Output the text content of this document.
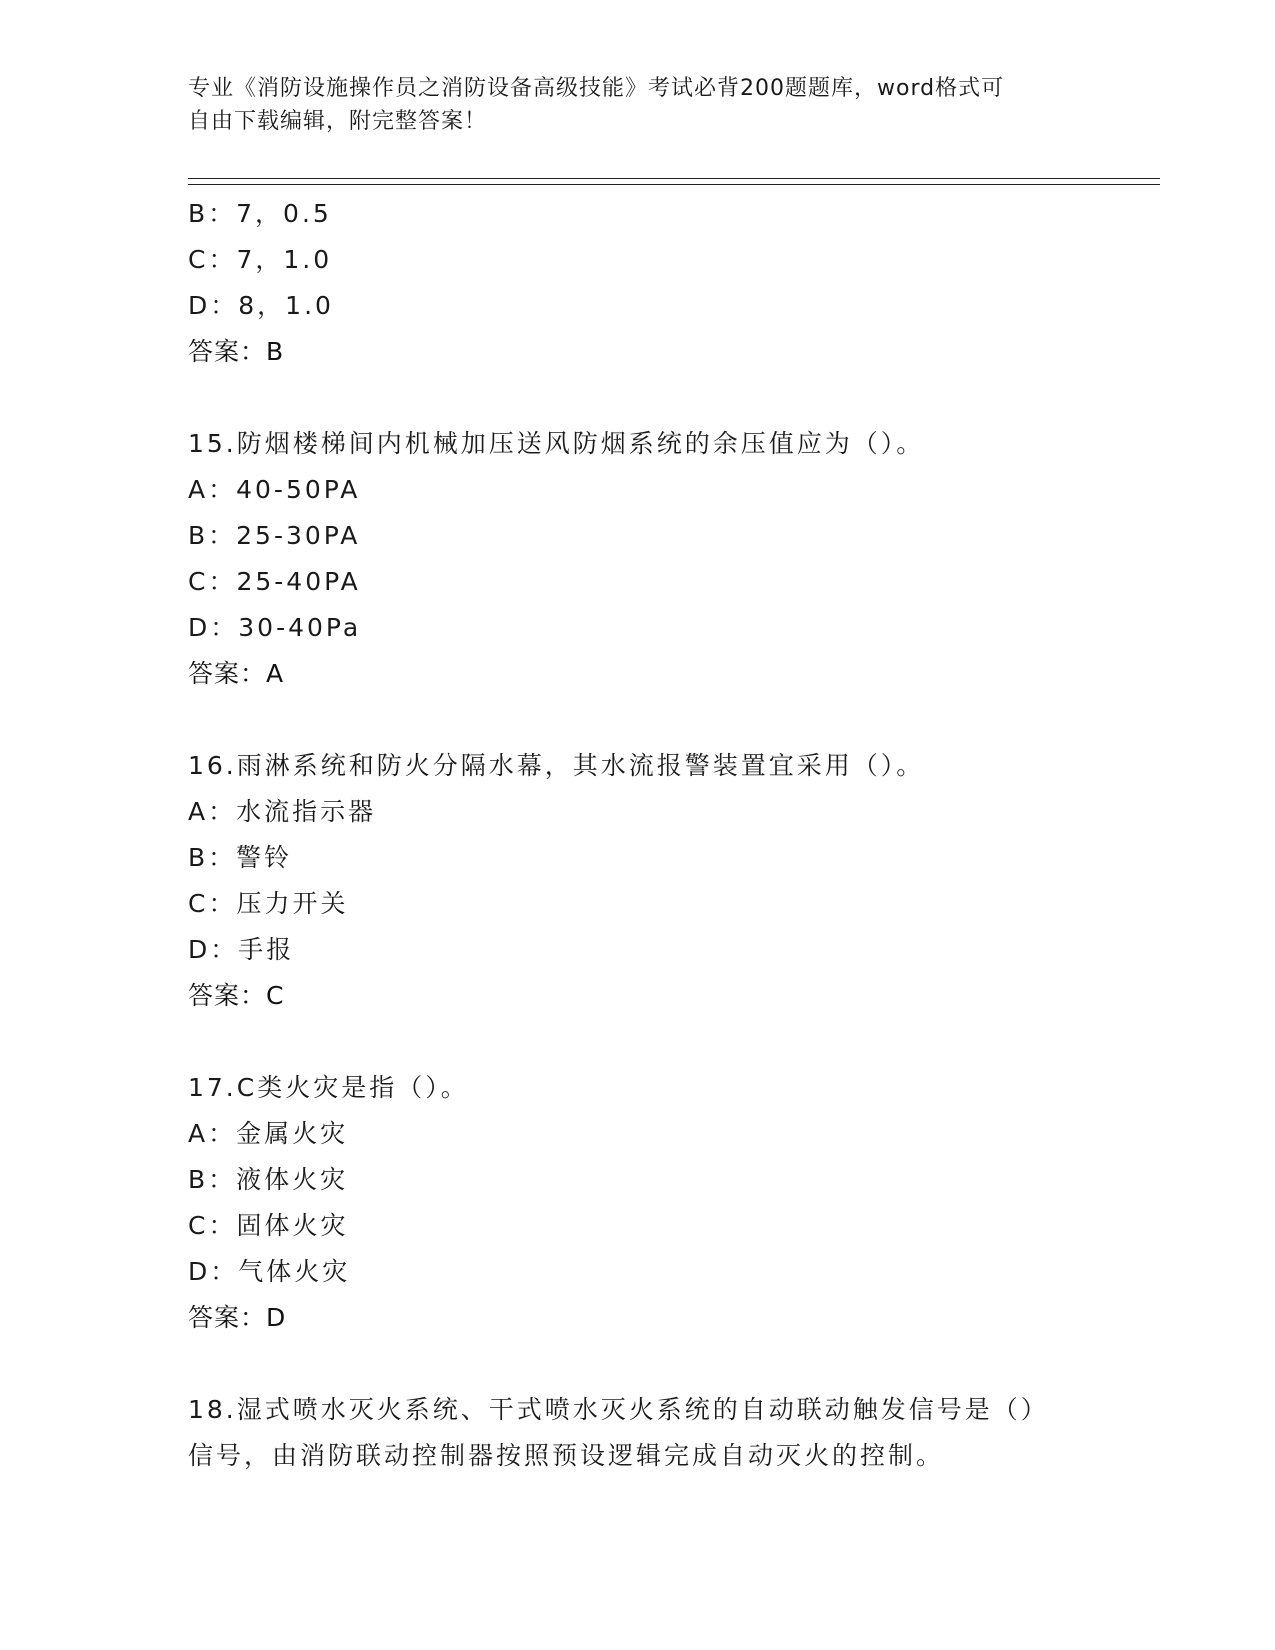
专业《消防设施操作员之消防设备高级技能》考试必背200题题库，word格式可
自由下载编辑，附完整答案！
B：7，0.5
C：7，1.0
D：8，1.0
答案：B
15.防烟楼梯间内机械加压送风防烟系统的余压值应为（）。
A：40-50PA
B：25-30PA
C：25-40PA
D：30-40Pa
答案：A
16.雨淋系统和防火分隔水幕，其水流报警装置宜采用（）。
A：水流指示器
B：警铃
C：压力开关
D：手报
答案：C
17.C类火灾是指（）。
A：金属火灾
B：液体火灾
C：固体火灾
D：气体火灾
答案：D
18.湿式喷水灭火系统、干式喷水灭火系统的自动联动触发信号是（）
信号，由消防联动控制器按照预设逻辑完成自动灭火的控制。
